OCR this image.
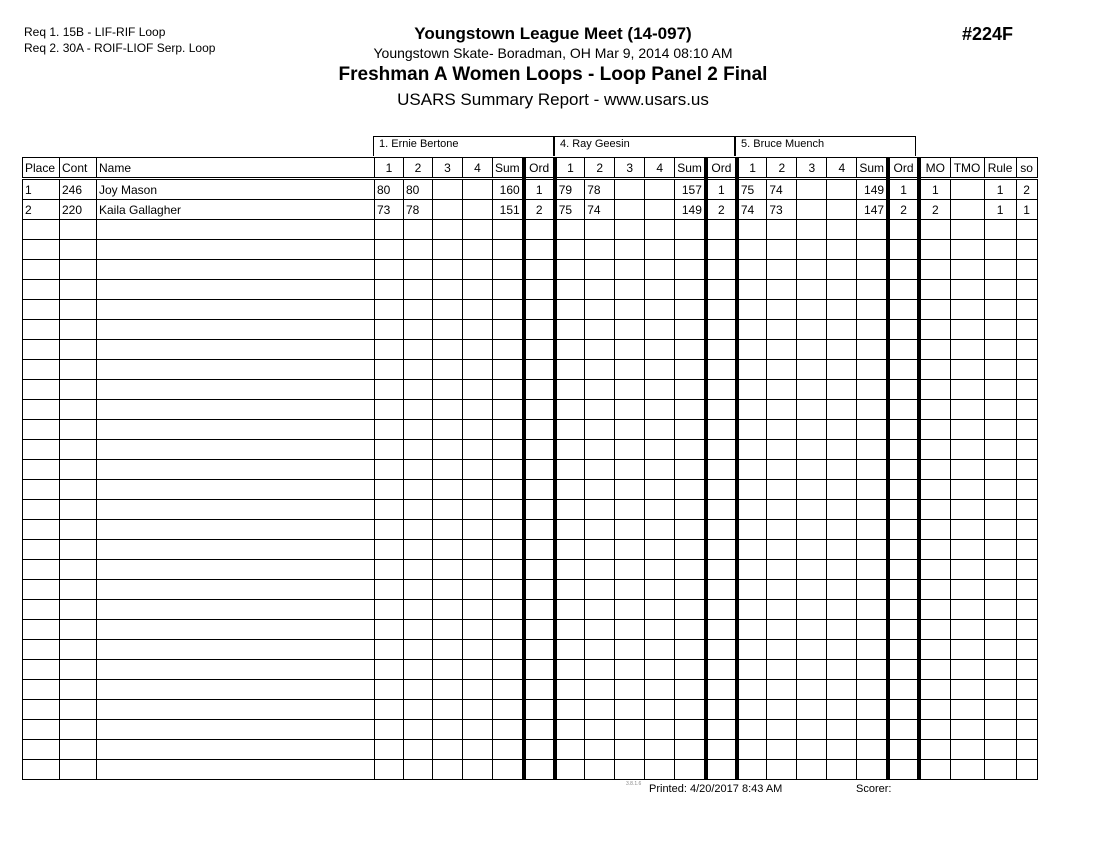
Req 1. 15B - LIF-RIF Loop
Req 2. 30A - ROIF-LIOF Serp. Loop
Youngstown League Meet (14-097)
Youngstown Skate- Boradman, OH Mar 9, 2014 08:10 AM
Freshman A Women Loops - Loop Panel 2 Final
USARS Summary Report - www.usars.us
#224F
1. Ernie Bertone	4. Ray Geesin	5. Bruce Muench
Place	Cont	Name	1	2	3	4	Sum	Ord	1	2	3	4	Sum	Ord	1	2	3	4	Sum	Ord	MO	TMO	Rule	so
1	246	Joy Mason	80	80			160	1	79	78			157	1	75	74			149	1	1		1	2
2	220	Kaila Gallagher	73	78			151	2	75	74			149	2	74	73			147	2	2		1	1

3.8.1.6 Printed: 4/20/2017 8:43 AM	Scorer:
